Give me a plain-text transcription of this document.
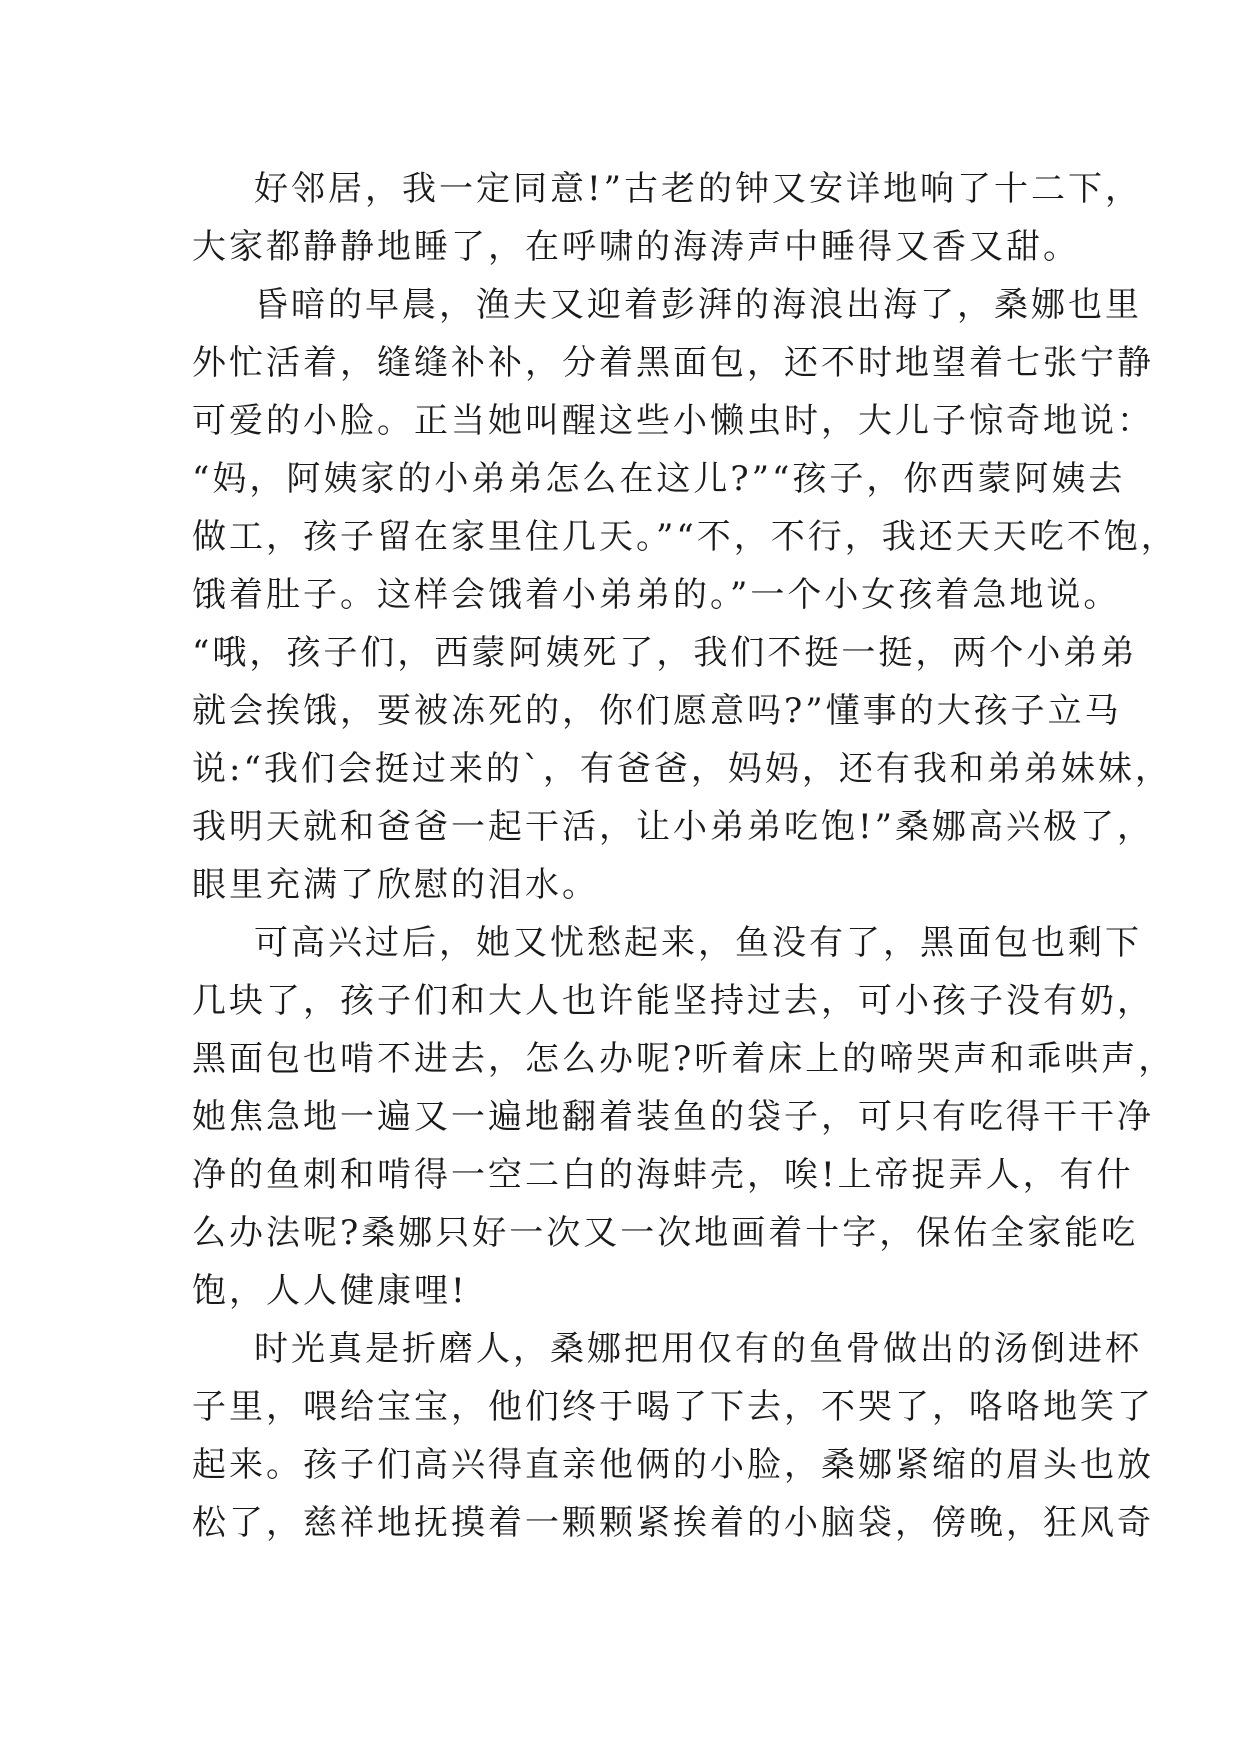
好邻居，我一定同意!”古老的钟又安详地响了十二下，
大家都静静地睡了，在呼啸的海涛声中睡得又香又甜。
昏暗的早晨，渔夫又迎着彭湃的海浪出海了，桑娜也里
外忙活着，缝缝补补，分着黑面包，还不时地望着七张宁静
可爱的小脸。正当她叫醒这些小懒虫时，大儿子惊奇地说：
“妈，阿姨家的小弟弟怎么在这儿?”“孩子，你西蒙阿姨去
做工，孩子留在家里住几天。”“不，不行，我还天天吃不饱，
饿着肚子。这样会饿着小弟弟的。”一个小女孩着急地说。
“哦，孩子们，西蒙阿姨死了，我们不挺一挺，两个小弟弟
就会挨饿，要被冻死的，你们愿意吗?”懂事的大孩子立马
说:“我们会挺过来的`，有爸爸，妈妈，还有我和弟弟妹妹，
我明天就和爸爸一起干活，让小弟弟吃饱!”桑娜高兴极了，
眼里充满了欣慰的泪水。
可高兴过后，她又忧愁起来，鱼没有了，黑面包也剩下
几块了，孩子们和大人也许能坚持过去，可小孩子没有奶，
黑面包也啃不进去，怎么办呢?听着床上的啼哭声和乖哄声，
她焦急地一遍又一遍地翻着装鱼的袋子，可只有吃得干干净
净的鱼刺和啃得一空二白的海蚌壳，唉!上帝捉弄人，有什
么办法呢?桑娜只好一次又一次地画着十字，保佑全家能吃
饱，人人健康哩!
时光真是折磨人，桑娜把用仅有的鱼骨做出的汤倒进杯
子里，喂给宝宝，他们终于喝了下去，不哭了，咯咯地笑了
起来。孩子们高兴得直亲他俩的小脸，桑娜紧缩的眉头也放
松了，慈祥地抚摸着一颗颗紧挨着的小脑袋，傍晚，狂风奇
